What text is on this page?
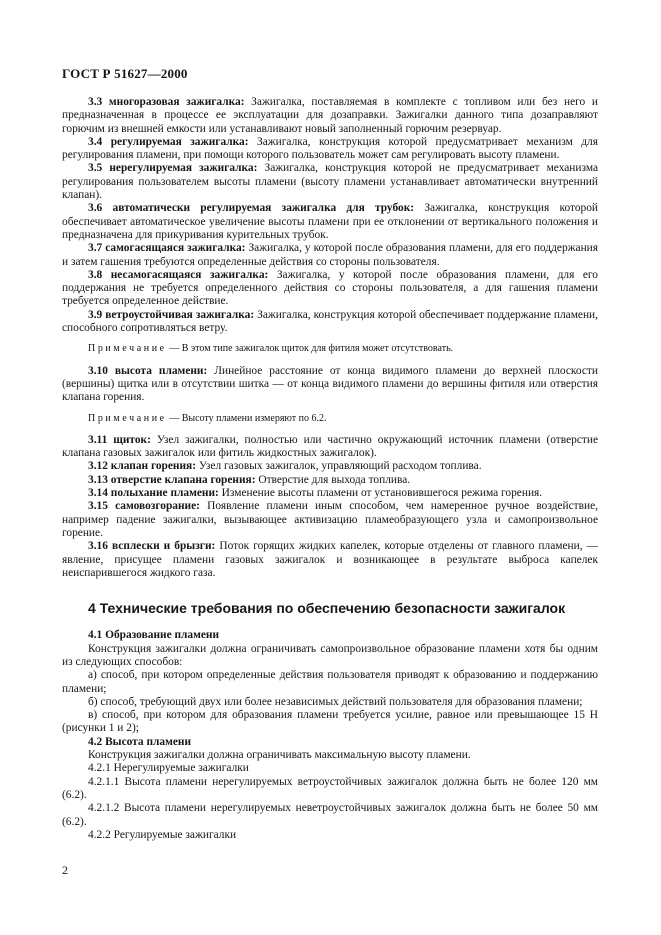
ГОСТ Р 51627—2000

3.3 многоразовая зажигалка: Зажигалка, поставляемая в комплекте с топливом или без него и предназначенная в процессе ее эксплуатации для дозаправки. Зажигалки данного типа дозаправляют горючим из внешней емкости или устанавливают новый заполненный горючим резервуар.

3.4 регулируемая зажигалка: Зажигалка, конструкция которой предусматривает механизм для регулирования пламени, при помощи которого пользователь может сам регулировать высоту пламени.

3.5 нерегулируемая зажигалка: Зажигалка, конструкция которой не предусматривает механизма регулирования пользователем высоты пламени (высоту пламени устанавливает автоматически внутренний клапан).

3.6 автоматически регулируемая зажигалка для трубок: Зажигалка, конструкция которой обеспечивает автоматическое увеличение высоты пламени при ее отклонении от вертикального положения и предназначена для прикуривания курительных трубок.

3.7 самогасящаяся зажигалка: Зажигалка, у которой после образования пламени, для его поддержания и затем гашения требуются определенные действия со стороны пользователя.

3.8 несамогасящаяся зажигалка: Зажигалка, у которой после образования пламени, для его поддержания не требуется определенного действия со стороны пользователя, а для гашения пламени требуется определенное действие.

3.9 ветроустойчивая зажигалка: Зажигалка, конструкция которой обеспечивает поддержание пламени, способного сопротивляться ветру.

Примечание — В этом типе зажигалок щиток для фитиля может отсутствовать.

3.10 высота пламени: Линейное расстояние от конца видимого пламени до верхней плоскости (вершины) щитка или в отсутствии шитка — от конца видимого пламени до вершины фитиля или отверстия клапана горения.

Примечание — Высоту пламени измеряют по 6.2.

3.11 щиток: Узел зажигалки, полностью или частично окружающий источник пламени (отверстие клапана газовых зажигалок или фитиль жидкостных зажигалок).

3.12 клапан горения: Узел газовых зажигалок, управляющий расходом топлива.

3.13 отверстие клапана горения: Отверстие для выхода топлива.

3.14 полыхание пламени: Изменение высоты пламени от установившегося режима горения.

3.15 самовозгорание: Появление пламени иным способом, чем намеренное ручное воздействие, например падение зажигалки, вызывающее активизацию пламеобразующего узла и самопроизвольное горение.

3.16 всплески и брызги: Поток горящих жидких капелек, которые отделены от главного пламени, — явление, присущее пламени газовых зажигалок и возникающее в результате выброса капелек неиспарившегося жидкого газа.

4 Технические требования по обеспечению безопасности зажигалок

4.1 Образование пламени

Конструкция зажигалки должна ограничивать самопроизвольное образование пламени хотя бы одним из следующих способов:

а) способ, при котором определенные действия пользователя приводят к образованию и поддержанию пламени;

б) способ, требующий двух или более независимых действий пользователя для образования пламени;

в) способ, при котором для образования пламени требуется усилие, равное или превышающее 15 Н (рисунки 1 и 2);

4.2 Высота пламени

Конструкция зажигалки должна ограничивать максимальную высоту пламени.

4.2.1 Нерегулируемые зажигалки

4.2.1.1 Высота пламени нерегулируемых ветроустойчивых зажигалок должна быть не более 120 мм (6.2).

4.2.1.2 Высота пламени нерегулируемых неветроустойчивых зажигалок должна быть не более 50 мм (6.2).

4.2.2 Регулируемые зажигалки

2
